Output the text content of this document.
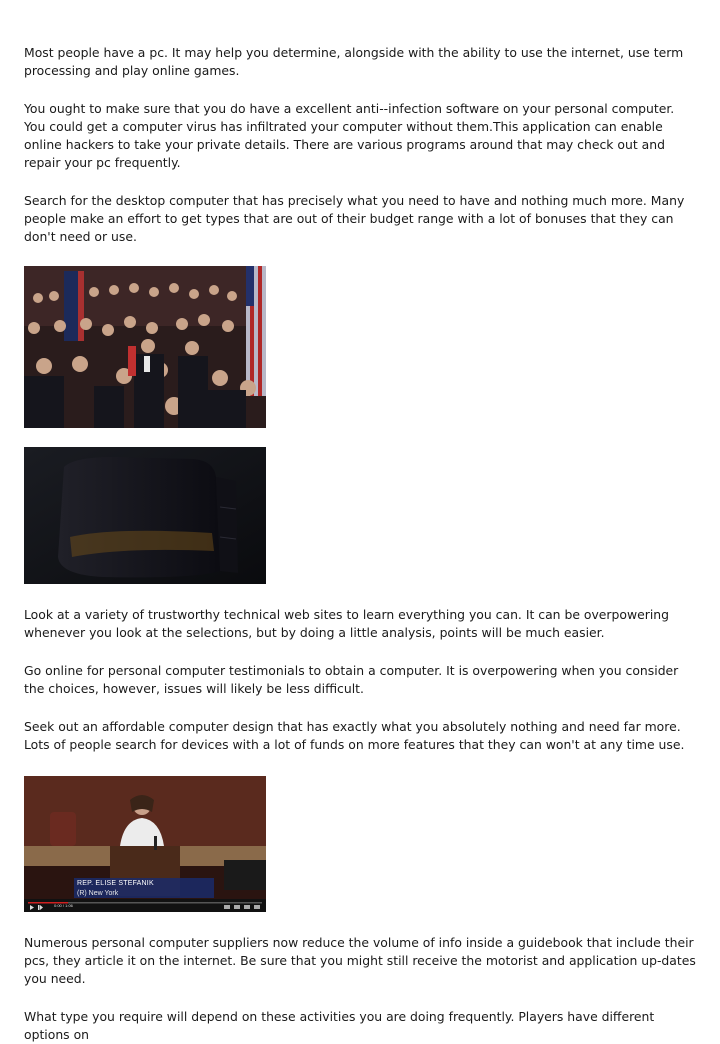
Most people have a pc. It may help you determine, alongside with the ability to use the internet, use term processing and play online games.

You ought to make sure that you do have a excellent anti--infection software on your personal computer. You could get a computer virus has infiltrated your computer without them.This application can enable online hackers to take your private details. There are various programs around that may check out and repair your pc frequently.

Search for the desktop computer that has precisely what you need to have and nothing much more. Many people make an effort to get types that are out of their budget range with a lot of bonuses that they can don't need or use.

Look at a variety of trustworthy technical web sites to learn everything you can. It can be overpowering whenever you look at the selections, but by doing a little analysis, points will be much easier.

Go online for personal computer testimonials to obtain a computer. It is overpowering when you consider the choices, however, issues will likely be less difficult.

Seek out an affordable computer design that has exactly what you absolutely nothing and need far more. Lots of people search for devices with a lot of funds on more features that they can won't at any time use.

REP. ELISE STEFANIK
(R) New York
0:00 / 1:06

Numerous personal computer suppliers now reduce the volume of info inside a guidebook that include their pcs, they article it on the internet. Be sure that you might still receive the motorist and application up-dates you need.

What type you require will depend on these activities you are doing frequently. Players have different options on
